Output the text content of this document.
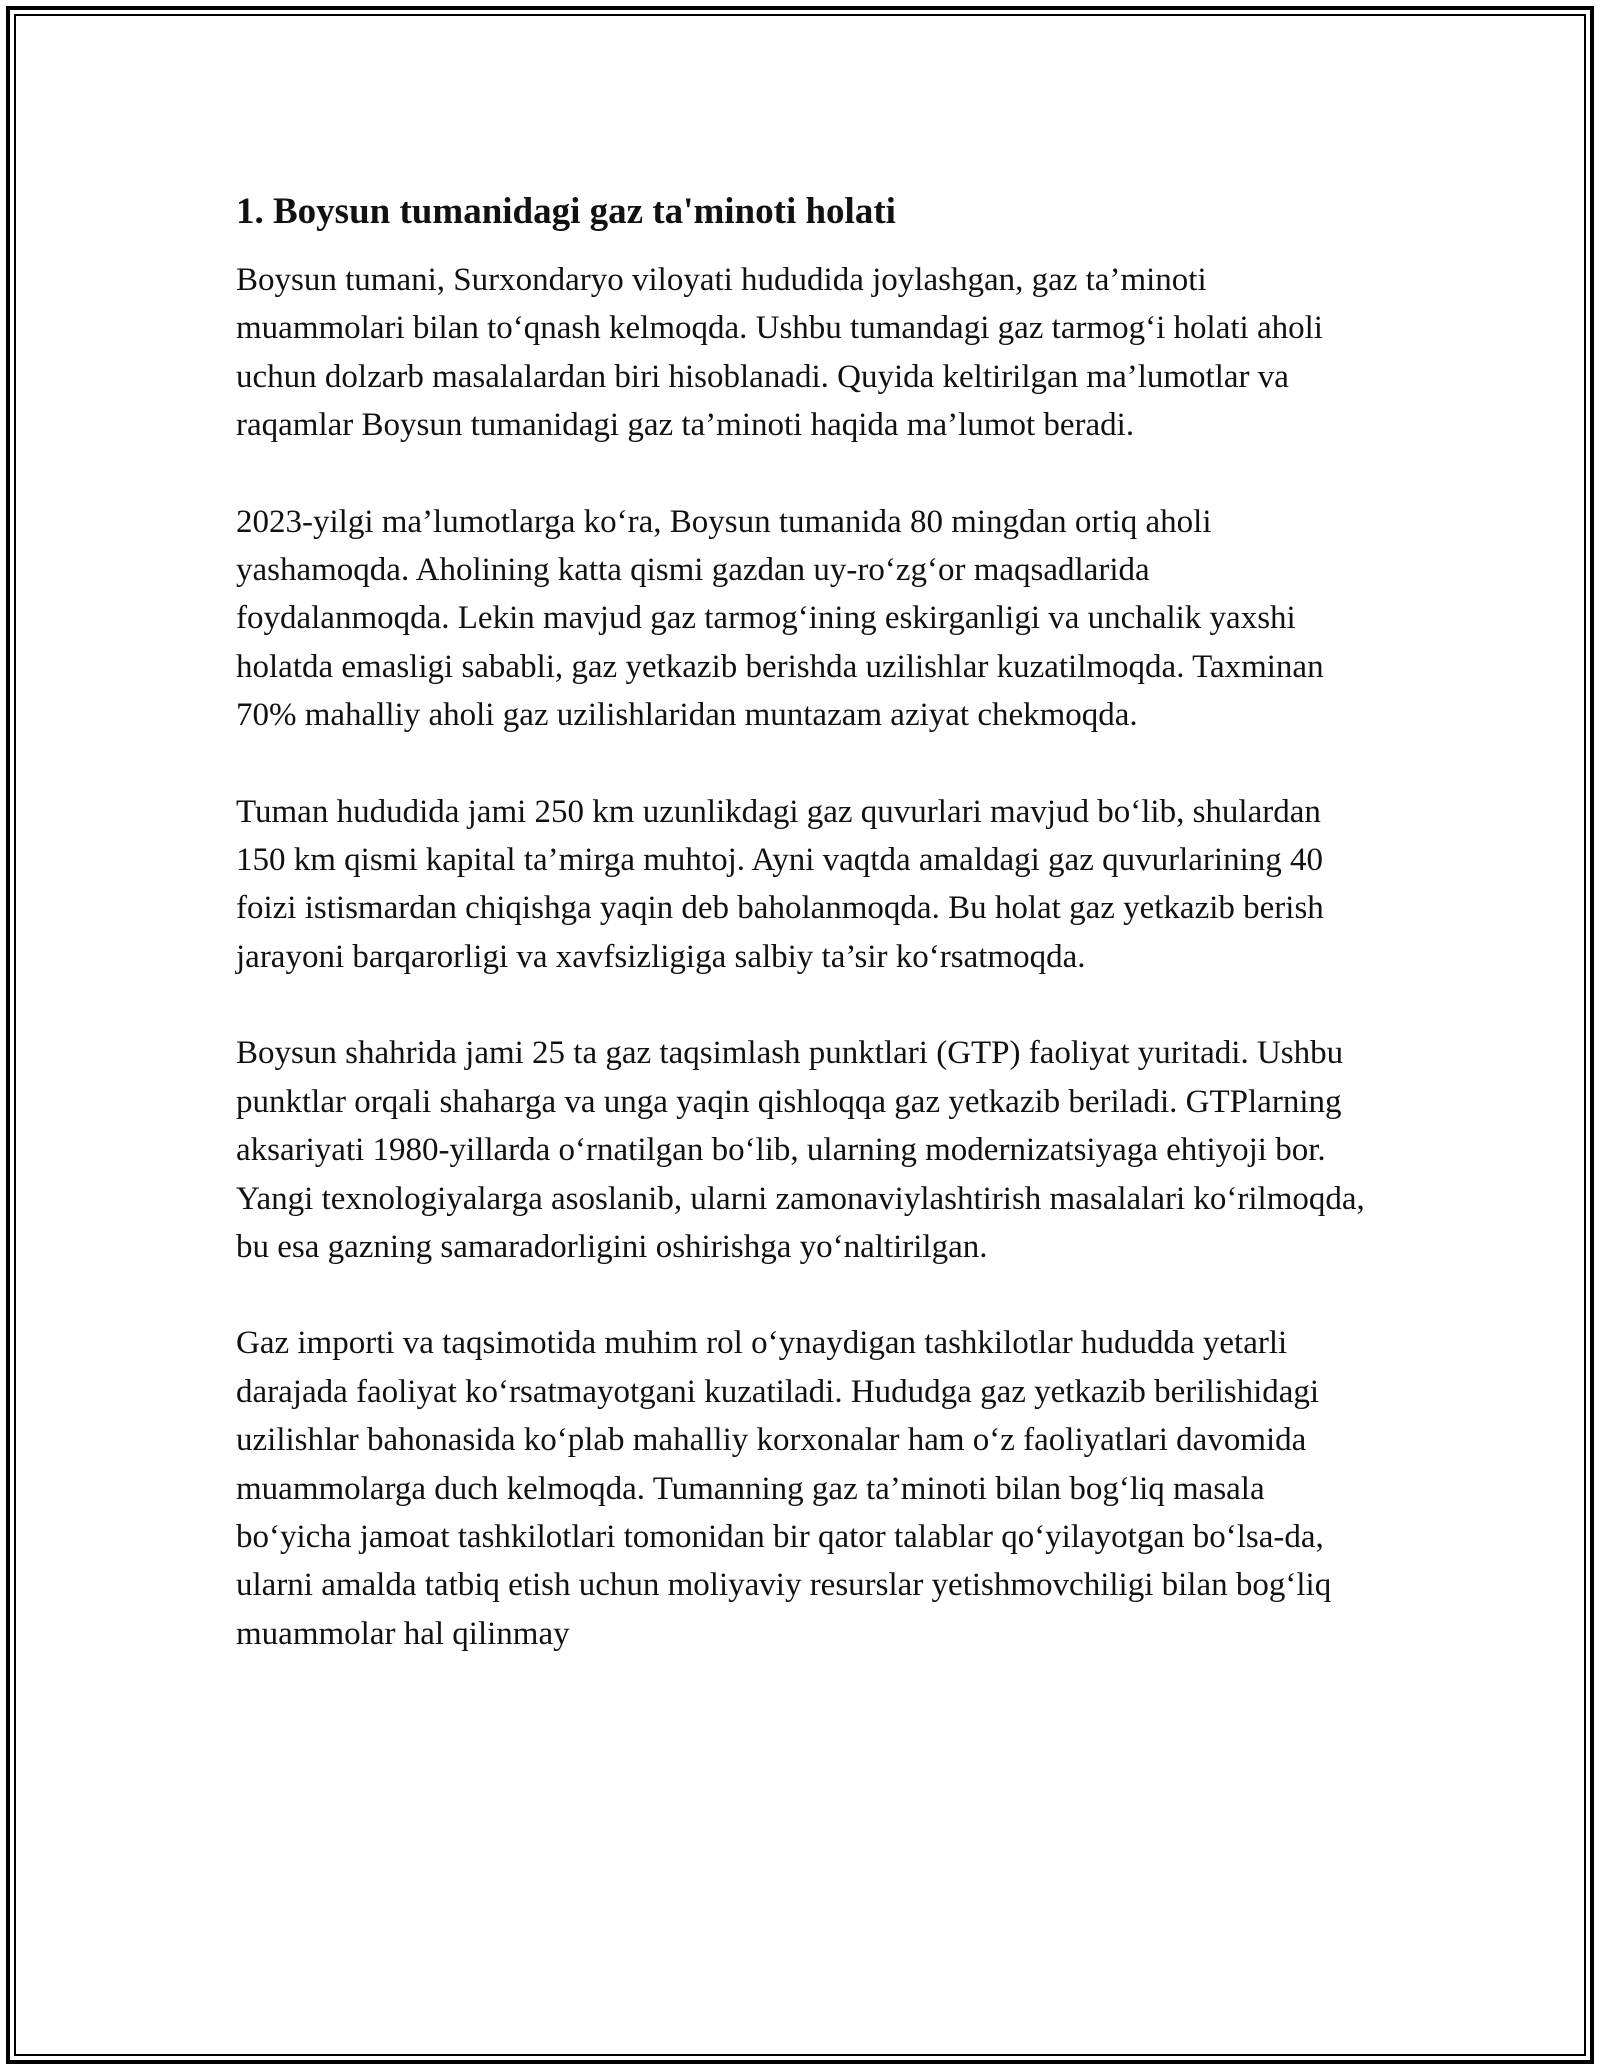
1. Boysun tumanidagi gaz ta'minoti holati

Boysun tumani, Surxondaryo viloyati hududida joylashgan, gaz ta’minoti muammolari bilan to‘qnash kelmoqda. Ushbu tumandagi gaz tarmog‘i holati aholi uchun dolzarb masalalardan biri hisoblanadi. Quyida keltirilgan ma’lumotlar va raqamlar Boysun tumanidagi gaz ta’minoti haqida ma’lumot beradi.

2023-yilgi ma’lumotlarga ko‘ra, Boysun tumanida 80 mingdan ortiq aholi yashamoqda. Aholining katta qismi gazdan uy-ro‘zg‘or maqsadlarida foydalanmoqda. Lekin mavjud gaz tarmog‘ining eskirganligi va unchalik yaxshi holatda emasligi sababli, gaz yetkazib berishda uzilishlar kuzatilmoqda. Taxminan 70% mahalliy aholi gaz uzilishlaridan muntazam aziyat chekmoqda.

Tuman hududida jami 250 km uzunlikdagi gaz quvurlari mavjud bo‘lib, shulardan 150 km qismi kapital ta’mirga muhtoj. Ayni vaqtda amaldagi gaz quvurlarining 40 foizi istismardan chiqishga yaqin deb baholanmoqda. Bu holat gaz yetkazib berish jarayoni barqarorligi va xavfsizligiga salbiy ta’sir ko‘rsatmoqda.

Boysun shahrida jami 25 ta gaz taqsimlash punktlari (GTP) faoliyat yuritadi. Ushbu punktlar orqali shaharga va unga yaqin qishloqqa gaz yetkazib beriladi. GTPlarning aksariyati 1980-yillarda o‘rnatilgan bo‘lib, ularning modernizatsiyaga ehtiyoji bor. Yangi texnologiyalarga asoslanib, ularni zamonaviylashtirish masalalari ko‘rilmoqda, bu esa gazning samaradorligini oshirishga yo‘naltirilgan.

Gaz importi va taqsimotida muhim rol o‘ynaydigan tashkilotlar hududda yetarli darajada faoliyat ko‘rsatmayotgani kuzatiladi. Hududga gaz yetkazib berilishidagi uzilishlar bahonasida ko‘plab mahalliy korxonalar ham o‘z faoliyatlari davomida muammolarga duch kelmoqda. Tumanning gaz ta’minoti bilan bog‘liq masala bo‘yicha jamoat tashkilotlari tomonidan bir qator talablar qo‘yilayotgan bo‘lsa-da, ularni amalda tatbiq etish uchun moliyaviy resurslar yetishmovchiligi bilan bog‘liq muammolar hal qilinmay
